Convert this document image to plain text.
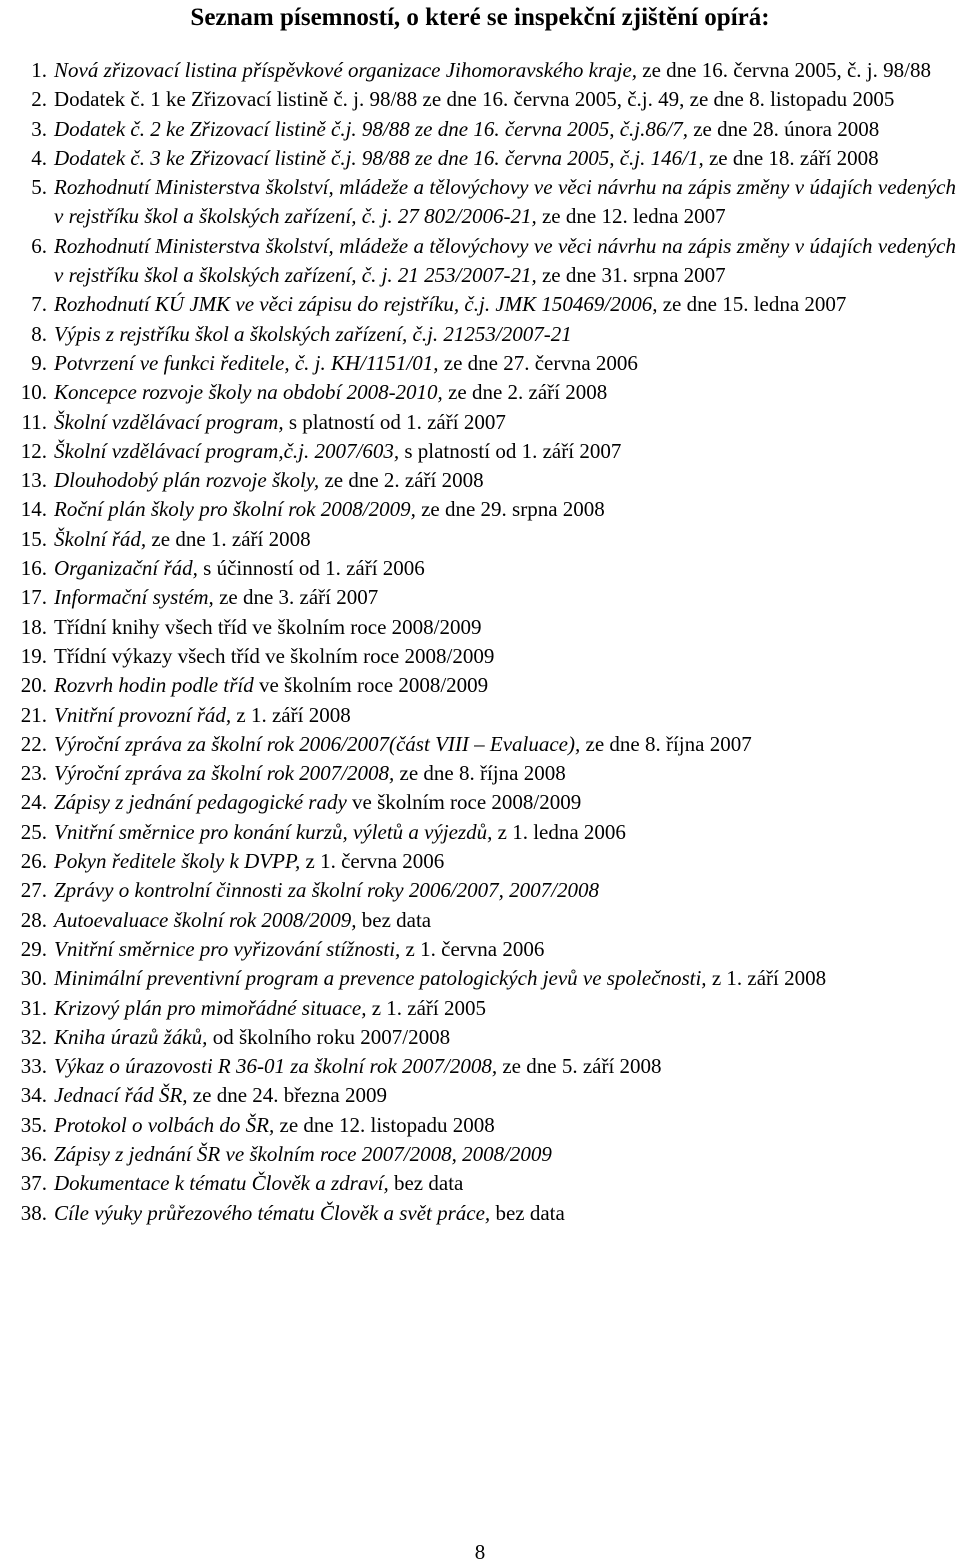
Seznam písemností, o které se inspekční zjištění opírá:
1. Nová zřizovací listina příspěvkové organizace Jihomoravského kraje, ze dne 16. června 2005, č. j. 98/88
2. Dodatek č. 1 ke Zřizovací listině č. j. 98/88 ze dne 16. června 2005, č.j. 49, ze dne 8. listopadu 2005
3. Dodatek č. 2 ke Zřizovací listině č.j. 98/88 ze dne 16. června 2005, č.j.86/7, ze dne 28. února 2008
4. Dodatek č. 3 ke Zřizovací listině č.j. 98/88 ze dne 16. června 2005, č.j. 146/1, ze dne 18. září 2008
5. Rozhodnutí Ministerstva školství, mládeže a tělovýchovy ve věci návrhu na zápis změny v údajích vedených v rejstříku škol a školských zařízení, č. j. 27 802/2006-21, ze dne 12. ledna 2007
6. Rozhodnutí Ministerstva školství, mládeže a tělovýchovy ve věci návrhu na zápis změny v údajích vedených v rejstříku škol a školských zařízení, č. j. 21 253/2007-21, ze dne 31. srpna 2007
7. Rozhodnutí KÚ JMK ve věci zápisu do rejstříku, č.j. JMK 150469/2006, ze dne 15. ledna 2007
8. Výpis z rejstříku škol a školských zařízení, č.j. 21253/2007-21
9. Potvrzení ve funkci ředitele, č. j. KH/1151/01, ze dne 27. června 2006
10. Koncepce rozvoje školy na období 2008-2010, ze dne 2. září 2008
11. Školní vzdělávací program, s platností od 1. září 2007
12. Školní vzdělávací program,č.j. 2007/603, s platností od 1. září 2007
13. Dlouhodobý plán rozvoje školy, ze dne 2. září 2008
14. Roční plán školy pro školní rok 2008/2009, ze dne 29. srpna 2008
15. Školní řád, ze dne 1. září 2008
16. Organizační řád, s účinností od 1. září 2006
17. Informační systém, ze dne 3. září 2007
18. Třídní knihy všech tříd ve školním roce 2008/2009
19. Třídní výkazy všech tříd ve školním roce 2008/2009
20. Rozvrh hodin podle tříd ve školním roce 2008/2009
21. Vnitřní provozní řád, z 1. září 2008
22. Výroční zpráva za školní rok 2006/2007(část VIII – Evaluace), ze dne 8. října 2007
23. Výroční zpráva za školní rok 2007/2008, ze dne 8. října 2008
24. Zápisy z jednání pedagogické rady ve školním roce 2008/2009
25. Vnitřní směrnice pro konání kurzů, výletů a výjezdů, z 1. ledna 2006
26. Pokyn ředitele školy k DVPP, z 1. června 2006
27. Zprávy o kontrolní činnosti za školní roky 2006/2007, 2007/2008
28. Autoevaluace školní rok 2008/2009, bez data
29. Vnitřní směrnice pro vyřizování stížnosti, z 1. června 2006
30. Minimální preventivní program a prevence patologických jevů ve společnosti, z 1. září 2008
31. Krizový plán pro mimořádné situace, z 1. září 2005
32. Kniha úrazů žáků, od školního roku 2007/2008
33. Výkaz o úrazovosti R 36-01 za školní rok 2007/2008, ze dne 5. září 2008
34. Jednací řád ŠR, ze dne 24. března 2009
35. Protokol o volbách do ŠR, ze dne 12. listopadu 2008
36. Zápisy z jednání ŠR ve školním roce 2007/2008, 2008/2009
37. Dokumentace k tématu Člověk a zdraví, bez data
38. Cíle výuky průřezového tématu Člověk a svět práce, bez data
8
